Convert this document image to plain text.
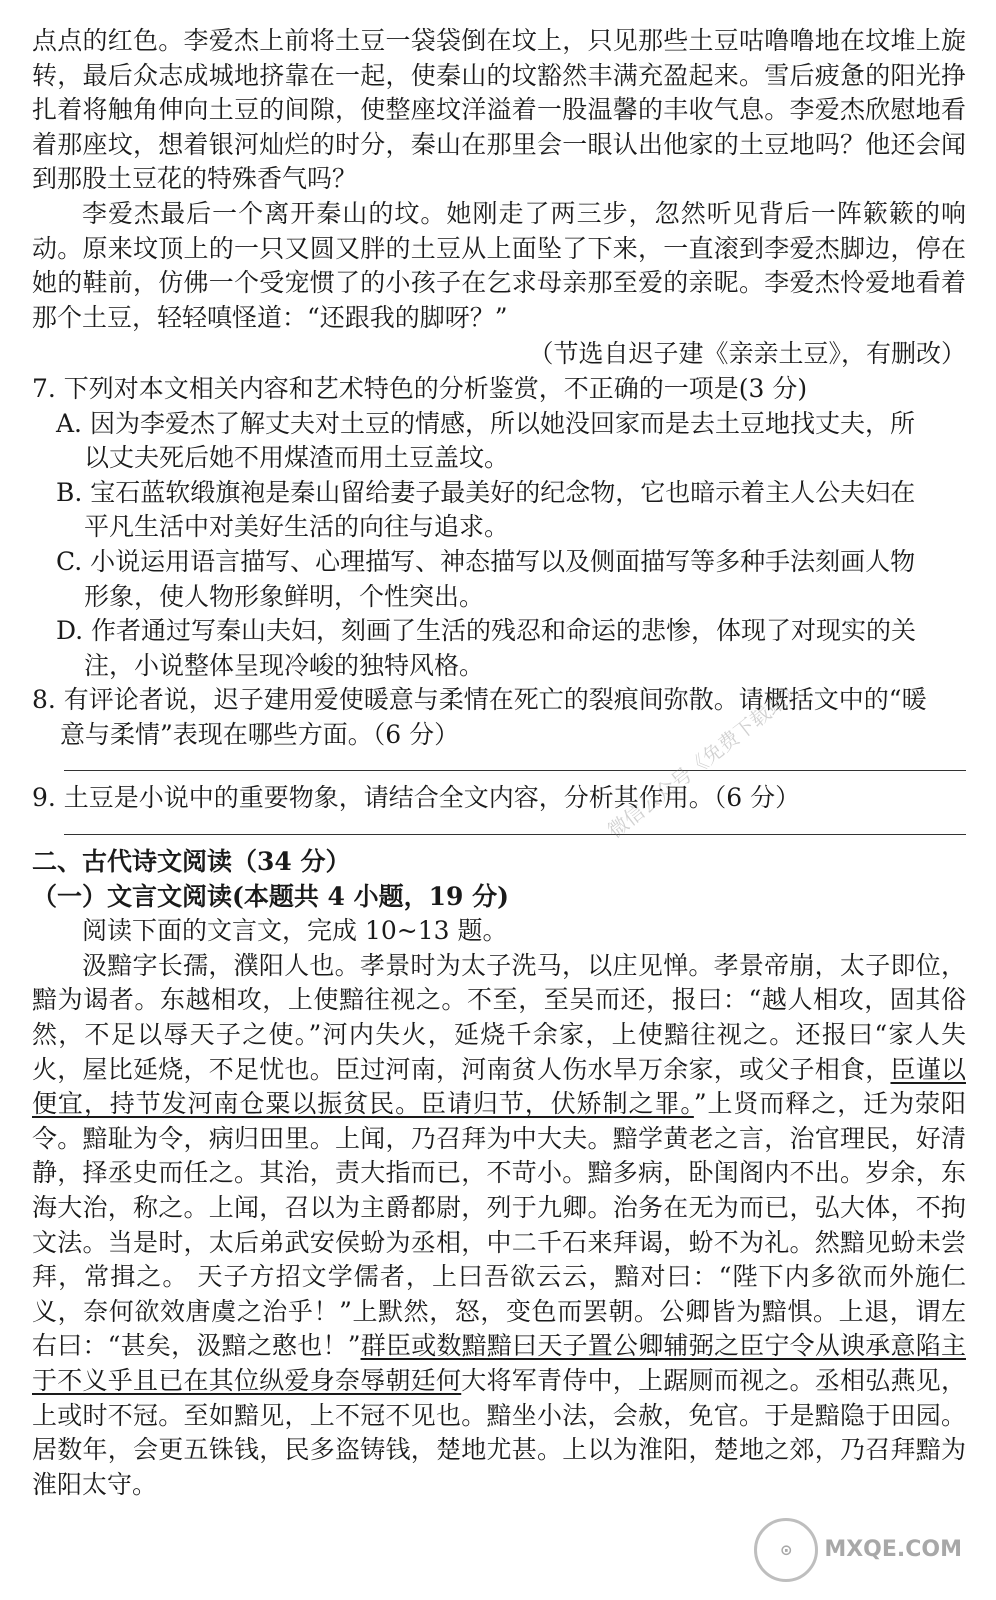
点点的红色。李爱杰上前将土豆一袋袋倒在坟上，只见那些土豆咕噜噜地在坟堆上旋转，最后众志成城地挤靠在一起，使秦山的坟豁然丰满充盈起来。雪后疲惫的阳光挣扎着将触角伸向土豆的间隙，使整座坟洋溢着一股温馨的丰收气息。李爱杰欣慰地看着那座坟，想着银河灿烂的时分，秦山在那里会一眼认出他家的土豆地吗？他还会闻到那股土豆花的特殊香气吗？

李爱杰最后一个离开秦山的坟。她刚走了两三步，忽然听见背后一阵簌簌的响动。原来坟顶上的一只又圆又胖的土豆从上面坠了下来，一直滚到李爱杰脚边，停在她的鞋前，仿佛一个受宠惯了的小孩子在乞求母亲那至爱的亲昵。李爱杰怜爱地看着那个土豆，轻轻嗔怪道：“还跟我的脚呀？”

（节选自迟子建《亲亲土豆》，有删改）

7. 下列对本文相关内容和艺术特色的分析鉴赏，不正确的一项是(3 分)

A. 因为李爱杰了解丈夫对土豆的情感，所以她没回家而是去土豆地找丈夫，所

以丈夫死后她不用煤渣而用土豆盖坟。

B. 宝石蓝软缎旗袍是秦山留给妻子最美好的纪念物，它也暗示着主人公夫妇在

平凡生活中对美好生活的向往与追求。

C. 小说运用语言描写、心理描写、神态描写以及侧面描写等多种手法刻画人物

形象，使人物形象鲜明，个性突出。

D. 作者通过写秦山夫妇，刻画了生活的残忍和命运的悲惨，体现了对现实的关

注，小说整体呈现冷峻的独特风格。

8. 有评论者说，迟子建用爱使暖意与柔情在死亡的裂痕间弥散。请概括文中的“暖

意与柔情”表现在哪些方面。（6 分）

9. 土豆是小说中的重要物象，请结合全文内容，分析其作用。（6 分）

二、古代诗文阅读（34 分）

（一）文言文阅读(本题共 4 小题，19 分)

阅读下面的文言文，完成 10~13 题。

汲黯字长孺，濮阳人也。孝景时为太子洗马，以庄见惮。孝景帝崩，太子即位，黯为谒者。东越相攻，上使黯往视之。不至，至吴而还，报曰：“越人相攻，固其俗然，不足以辱天子之使。”河内失火，延烧千余家，上使黯往视之。还报曰“家人失火，屋比延烧，不足忧也。臣过河南，河南贫人伤水旱万余家，或父子相食，臣谨以便宜，持节发河南仓粟以振贫民。臣请归节，伏矫制之罪。”上贤而释之，迁为荥阳令。黯耻为令，病归田里。上闻，乃召拜为中大夫。黯学黄老之言，治官理民，好清静，择丞史而任之。其治，责大指而已，不苛小。黯多病，卧闺阁内不出。岁余，东海大治，称之。上闻，召以为主爵都尉，列于九卿。治务在无为而已，弘大体，不拘文法。当是时，太后弟武安侯蚡为丞相，中二千石来拜谒，蚡不为礼。然黯见蚡未尝拜，常揖之。 天子方招文学儒者，上曰吾欲云云，黯对曰：“陛下内多欲而外施仁义，奈何欲效唐虞之治乎！”上默然，怒，变色而罢朝。公卿皆为黯惧。上退，谓左右曰：“甚矣，汲黯之憨也！”群臣或数黯黯曰天子置公卿辅弼之臣宁令从谀承意陷主于不义乎且已在其位纵爱身奈辱朝廷何大将军青侍中，上踞厕而视之。丞相弘燕见，上或时不冠。至如黯见，上不冠不见也。黯坐小法，会赦，免官。于是黯隐于田园。居数年，会更五铢钱，民多盗铸钱，楚地尤甚。上以为淮阳，楚地之郊，乃召拜黯为淮阳太守。

微信公众号《免费下载站》
⊙	MXQE.COM
